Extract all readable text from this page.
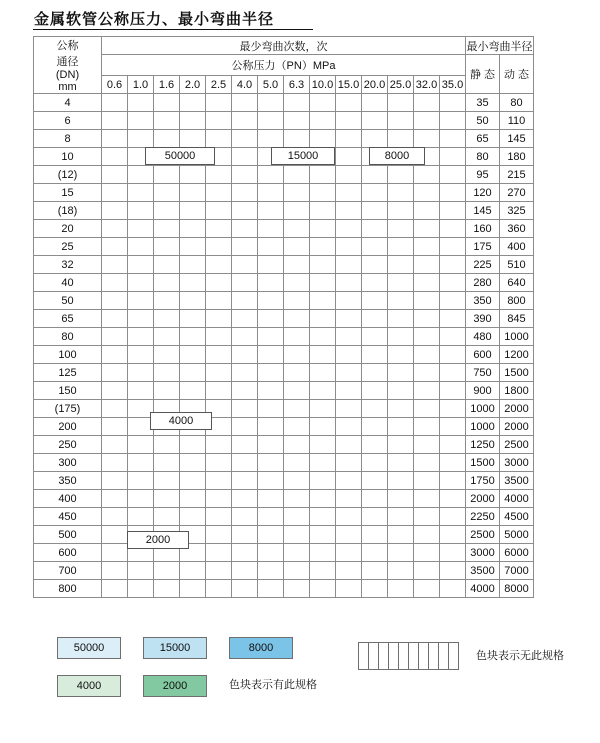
金属软管公称压力、最小弯曲半径
公称
通径
(DN)
mm	最少弯曲次数，次														最小弯曲半径	
	公称压力（PN）MPa														静 态	动 态
	0.6	1.0	1.6	2.0	2.5	4.0	5.0	6.3	10.0	15.0	20.0	25.0	32.0	35.0		
4															35	80
6															50	110
8															65	145
10															80	180
(12)															95	215
15															120	270
(18)															145	325
20															160	360
25															175	400
32															225	510
40															280	640
50															350	800
65															390	845
80															480	1000
100															600	1200
125															750	1500
150															900	1800
(175)															1000	2000
200															1000	2000
250															1250	2500
300															1500	3000
350															1750	3500
400															2000	4000
450															2250	4500
500															2500	5000
600															3000	6000
700															3500	7000
800															4000	8000
50000	15000	8000
4000
2000
50000	15000	8000
4000	2000	色块表示有此规格

色块表示无此规格
